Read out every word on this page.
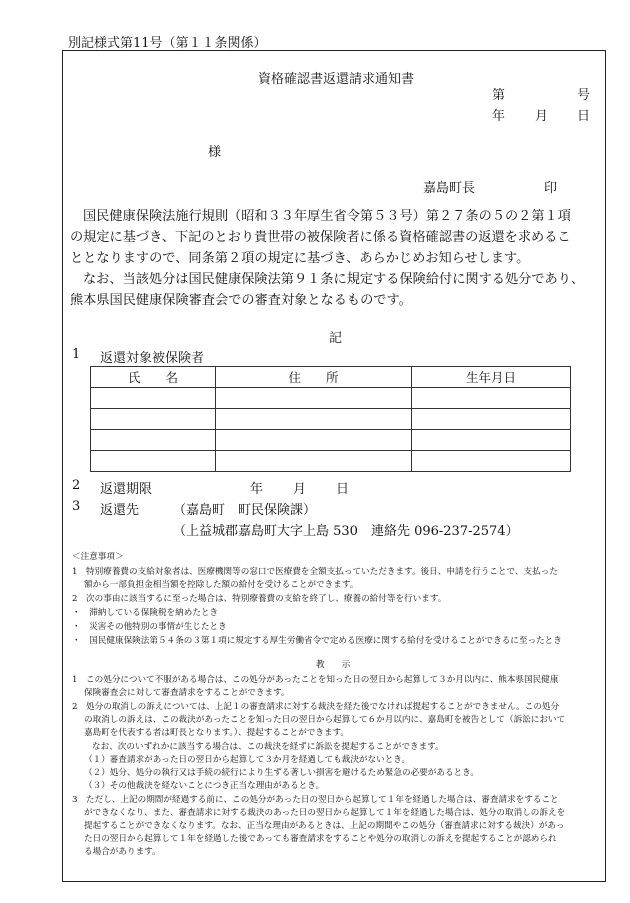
別記様式第11号（第１１条関係）
資格確認書返還請求通知書
第	号
年 月 日
様
嘉島町長	印
国民健康保険法施行規則（昭和３３年厚生省令第５３号）第２７条の５の２第１項
の規定に基づき、下記のとおり貴世帯の被保険者に係る資格確認書の返還を求めるこ
ととなりますので、同条第２項の規定に基づき、あらかじめお知らせします。
なお、当該処分は国民健康保険法第９１条に規定する保険給付に関する処分であり、
熊本県国民健康保険審査会での審査対象となるものです。
記
1 返還対象被保険者
氏　　名	住　　所	生年月日

2 返還期限	年 月 日
3 返還先	（嘉島町　町民保険課）
（上益城郡嘉島町大字上島 530　連絡先 096-237-2574）
＜注意事項＞
1　特別療養費の支給対象者は、医療機関等の窓口で医療費を全額支払っていただきます。後日、申請を行うことで、支払った
額から一部負担金相当額を控除した額の給付を受けることができます。
2　次の事由に該当するに至った場合は、特別療養費の支給を終了し、療養の給付等を行います。
・　滞納している保険税を納めたとき
・　災害その他特別の事情が生じたとき
・　国民健康保険法第５４条の３第１項に規定する厚生労働省令で定める医療に関する給付を受けることができるに至ったとき
教　　示
1　この処分について不服がある場合は、この処分があったことを知った日の翌日から起算して３か月以内に、熊本県国民健康
保険審査会に対して審査請求をすることができます。
2　処分の取消しの訴えについては、上記１の審査請求に対する裁決を経た後でなければ提起することができません。この処分
の取消しの訴えは、この裁決があったことを知った日の翌日から起算して６か月以内に、嘉島町を被告として（訴訟において
嘉島町を代表する者は町長となります。）、提起することができます。
なお、次のいずれかに該当する場合は、この裁決を経ずに訴訟を提起することができます。
（１）審査請求があった日の翌日から起算して３か月を経過しても裁決がないとき。
（２）処分、処分の執行又は手続の続行により生ずる著しい損害を避けるため緊急の必要があるとき。
（３）その他裁決を経ないことにつき正当な理由があるとき。
3　ただし、上記の期間が経過する前に、この処分があった日の翌日から起算して１年を経過した場合は、審査請求をすること
ができなくなり、また、審査請求に対する裁決のあった日の翌日から起算して１年を経過した場合は、処分の取消しの訴えを
提起することができなくなります。なお、正当な理由があるときは、上記の期間やこの処分（審査請求に対する裁決）があっ
た日の翌日から起算して１年を経過した後であっても審査請求をすることや処分の取消しの訴えを提起することが認められ
る場合があります。
